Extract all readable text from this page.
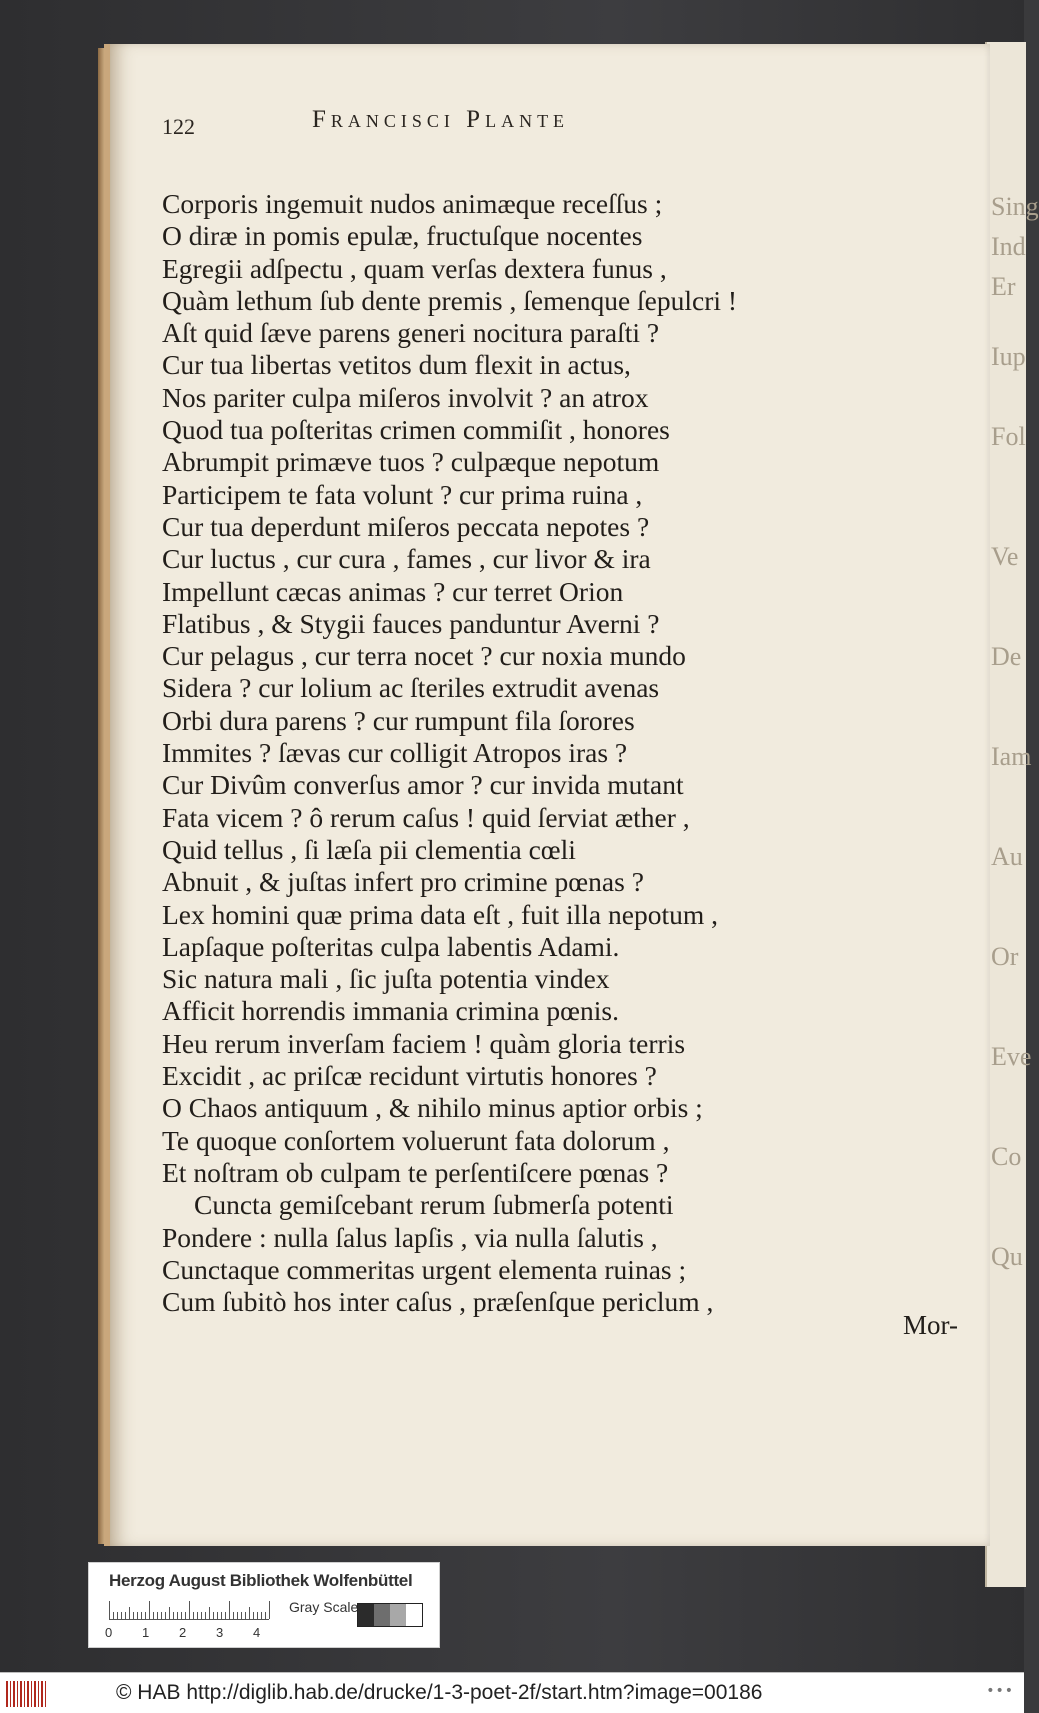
Sing
Ind
Er
Iup
Fol
Ve
De
Iam
Au
Or
Eve
Co
Qu
122	Francisci Plante
Corporis ingemuit nudos animæque receſſus ;
O diræ in pomis epulæ, fructuſque nocentes
Egregii adſpectu , quam verſas dextera funus ,
Quàm lethum ſub dente premis , ſemenque ſepulcri !
Aſt quid ſæve parens generi nocitura paraſti ?
Cur tua libertas vetitos dum flexit in actus,
Nos pariter culpa miſeros involvit ? an atrox
Quod tua poſteritas crimen commiſit , honores
Abrumpit primæve tuos ? culpæque nepotum
Participem te fata volunt ? cur prima ruina ,
Cur tua deperdunt miſeros peccata nepotes ?
Cur luctus , cur cura , fames , cur livor & ira
Impellunt cæcas animas ? cur terret Orion
Flatibus , & Stygii fauces panduntur Averni ?
Cur pelagus , cur terra nocet ? cur noxia mundo
Sidera ? cur lolium ac ſteriles extrudit avenas
Orbi dura parens ? cur rumpunt fila ſorores
Immites ? ſævas cur colligit Atropos iras ?
Cur Divûm converſus amor ? cur invida mutant
Fata vicem ? ô rerum caſus ! quid ſerviat æther ,
Quid tellus , ſi læſa pii clementia cœli
Abnuit , & juſtas infert pro crimine pœnas ?
Lex homini quæ prima data eſt , fuit illa nepotum ,
Lapſaque poſteritas culpa labentis Adami.
Sic natura mali , ſic juſta potentia vindex
Afficit horrendis immania crimina pœnis.
Heu rerum inverſam faciem ! quàm gloria terris
Excidit , ac priſcæ recidunt virtutis honores ?
O Chaos antiquum , & nihilo minus aptior orbis ;
Te quoque conſortem voluerunt fata dolorum ,
Et noſtram ob culpam te perſentiſcere pœnas ?
Cuncta gemiſcebant rerum ſubmerſa potenti
Pondere : nulla ſalus lapſis , via nulla ſalutis ,
Cunctaque commeritas urgent elementa ruinas ;
Cum ſubitò hos inter caſus , præſenſque periclum ,
Mor-
Herzog August Bibliothek Wolfenbüttel
0 1 2 3 4
Gray Scale
© HAB http://diglib.hab.de/drucke/1-3-poet-2f/start.htm?image=00186	•••
